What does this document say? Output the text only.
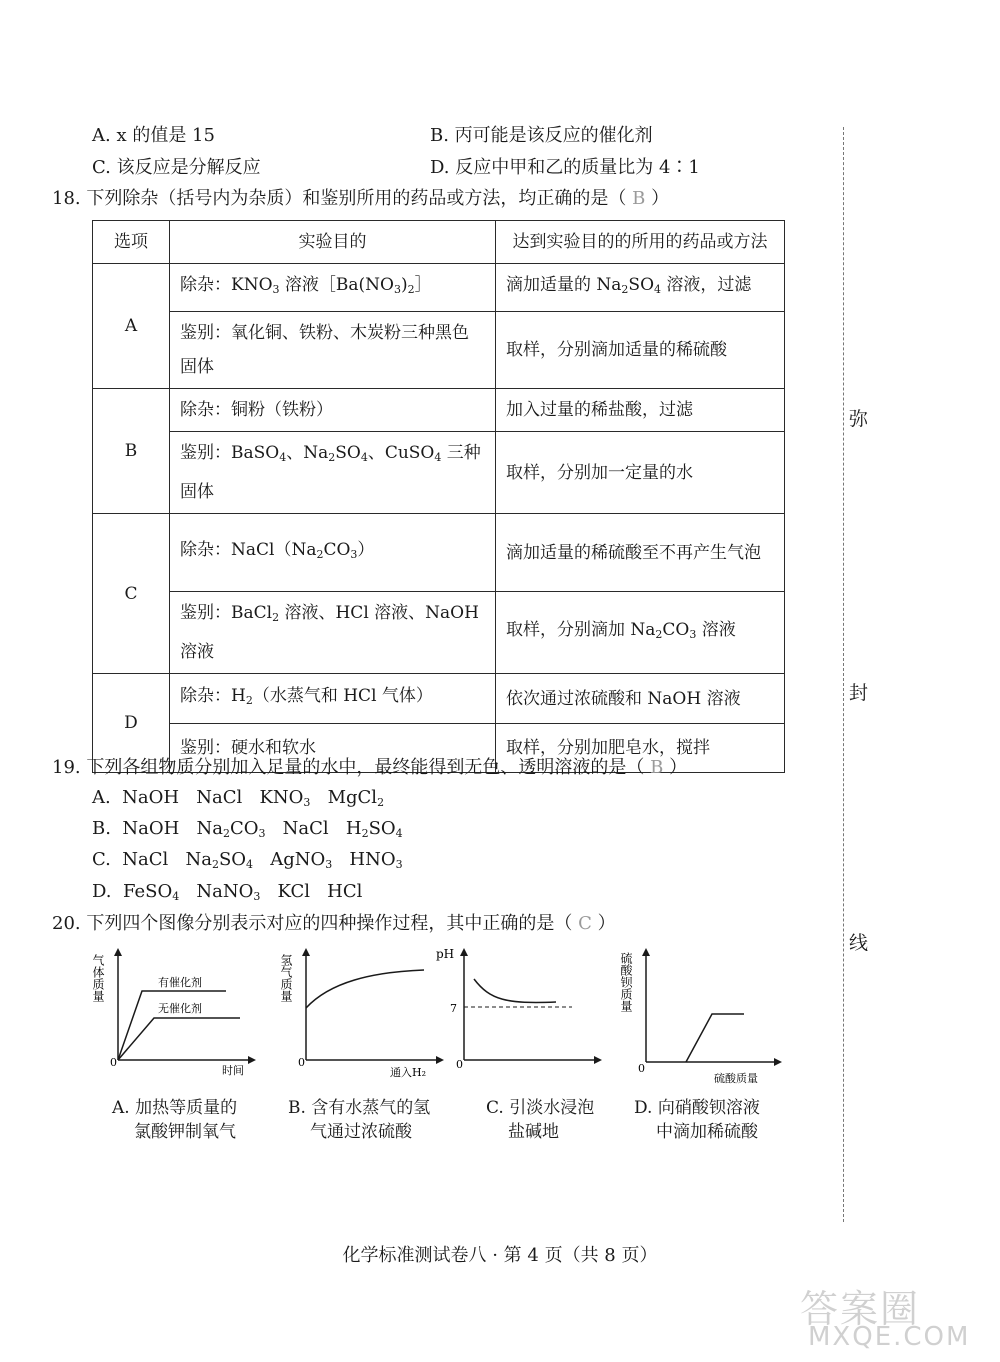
A. x 的值是 15	B. 丙可能是该反应的催化剂
C. 该反应是分解反应	D. 反应中甲和乙的质量比为 4∶1
18. 下列除杂（括号内为杂质）和鉴别所用的药品或方法，均正确的是（ B ）
选项	实验目的	达到实验目的的所用的药品或方法
A	除杂：$KNO_3$ 溶液$[Ba(NO_3)_2]$	滴加适量的 $Na_2SO_4$ 溶液，过滤
	鉴别：氧化铜、铁粉、木炭粉三种黑色固体	取样，分别滴加适量的稀硫酸
B	除杂：铜粉（铁粉）	加入过量的稀盐酸，过滤
	鉴别：BaSO$_4$、$Na_2SO_4$、CuSO$_4$ 三种固体	取样，分别加一定量的水
C	除杂：$NaCl(Na_2CO_3)$	滴加适量的稀硫酸至不再产生气泡
	鉴别：BaCl$_2$ 溶液、HCl 溶液、NaOH 溶液	取样，分别滴加 $Na_2CO_3$ 溶液
D	除杂：$H_2$（水蒸气和 HCl 气体）	依次通过浓硫酸和 NaOH 溶液
	鉴别：硬水和软水	取样，分别加肥皂水，搅拌
19. 下列各组物质分别加入足量的水中，最终能得到无色、透明溶液的是（ B ）
A.  NaOH   NaCl   $KNO_3$   MgCl$_2$
B.  NaOH   $Na_2CO_3$   NaCl   $H_2SO_4$
C.  NaCl   $Na_2SO_4$   AgNO$_3$   $HNO_3$
D.  FeSO$_4$   NaNO$_3$   KCl   HCl
20. 下列四个图像分别表示对应的四种操作过程，其中正确的是（ C ）
0
时间
有催化剂
无催化剂
气体质量
A. 加热等质量的
氯酸钾制氧气
0
通入H₂
氢气质量
B. 含有水蒸气的氢
气通过浓硫酸
7
0
pH
C. 引淡水浸泡
盐碱地
0
硫酸质量
硫酸钡质量
D. 向硝酸钡溶液
中滴加稀硫酸
弥
封
线
化学标准测试卷八 · 第 4 页（共 8 页）
答案圈
MXQE.COM
